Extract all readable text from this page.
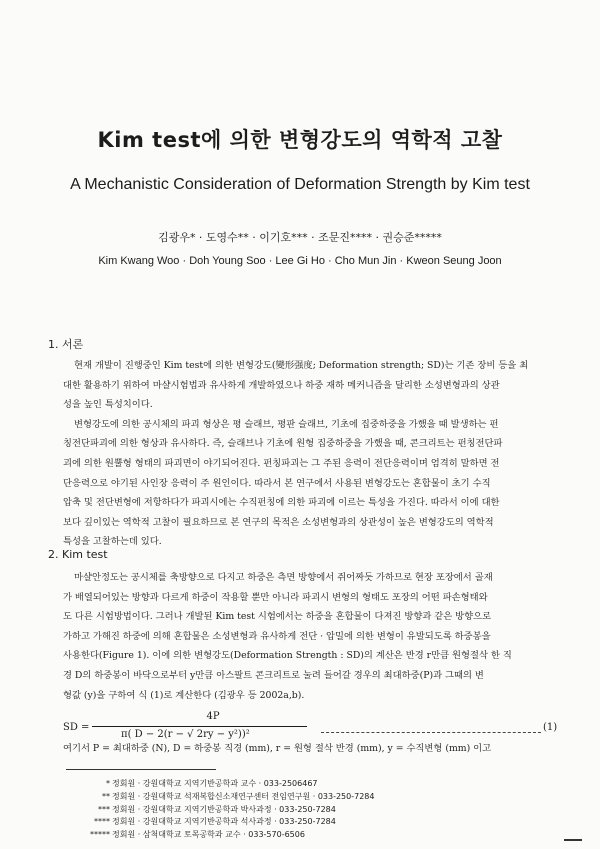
Kim test에 의한 변형강도의 역학적 고찰
A Mechanistic Consideration of Deformation Strength by Kim test
김광우* · 도영수** · 이기호*** · 조문진**** · 권승준*****
Kim Kwang Woo · Doh Young Soo · Lee Gi Ho · Cho Mun Jin · Kweon Seung Joon
1. 서론
현재 개발이 진행중인 Kim test에 의한 변형강도(變形强度; Deformation strength; SD)는 기존 장비 등을 최
대한 활용하기 위하여 마샬시험법과 유사하게 개발하였으나 하중 재하 메커니즘을 달리한 소성변형과의 상관
성을 높인 특성치이다.
변형강도에 의한 공시체의 파괴 형상은 평 슬래브, 평판 슬래브, 기초에 집중하중을 가했을 때 발생하는 펀
칭전단파괴에 의한 형상과 유사하다. 즉, 슬래브나 기초에 원형 집중하중을 가했을 때, 콘크리트는 펀칭전단파
괴에 의한 원뿔형 형태의 파괴면이 야기되어진다. 펀칭파괴는 그 주된 응력이 전단응력이며 엄격히 말하면 전
단응력으로 야기된 사인장 응력이 주 원인이다. 따라서 본 연구에서 사용된 변형강도는 혼합물이 초기 수직
압축 및 전단변형에 저항하다가 파괴시에는 수직펀칭에 의한 파괴에 이르는 특성을 가진다. 따라서 이에 대한
보다 깊이있는 역학적 고찰이 필요하므로 본 연구의 목적은 소성변형과의 상관성이 높은 변형강도의 역학적
특성을 고찰하는데 있다.
2. Kim test
마샬안정도는 공시체를 축방향으로 다지고 하중은 측면 방향에서 쥐어짜듯 가하므로 현장 포장에서 골재
가 배열되어있는 방향과 다르게 하중이 작용할 뿐만 아니라 파괴시 변형의 형태도 포장의 어떤 파손형태와
도 다른 시험방법이다. 그러나 개발된 Kim test 시험에서는 하중을 혼합물이 다져진 방향과 같은 방향으로
가하고 가해진 하중에 의해 혼합물은 소성변형과 유사하게 전단 · 압밀에 의한 변형이 유발되도록 하중봉을
사용한다(Figure 1). 이에 의한 변형강도(Deformation Strength : SD)의 계산은 반경 r만큼 원형절삭 한 직
경 D의 하중봉이 바닥으로부터 y만큼 아스팔트 콘크리트로 눌려 들어갈 경우의 최대하중(P)과 그때의 변
형값 (y)을 구하여 식 (1)로 계산한다 (김광우 등 2002a,b).
SD =
4P
π( D − 2(r − √ 2ry − y²))²
(1)
여기서 P = 최대하중 (N), D = 하중봉 직경 (mm), r = 원형 절삭 반경 (mm), y = 수직변형 (mm) 이고
* 정회원 · 강원대학교 지역기반공학과 교수 · 033-2506467
** 정회원 · 강원대학교 석재복합신소재연구센터 전임연구원 · 033-250-7284
*** 정회원 · 강원대학교 지역기반공학과 박사과정 · 033-250-7284
**** 정회원 · 강원대학교 지역기반공학과 석사과정 · 033-250-7284
***** 정회원 · 삼척대학교 토목공학과 교수 · 033-570-6506
